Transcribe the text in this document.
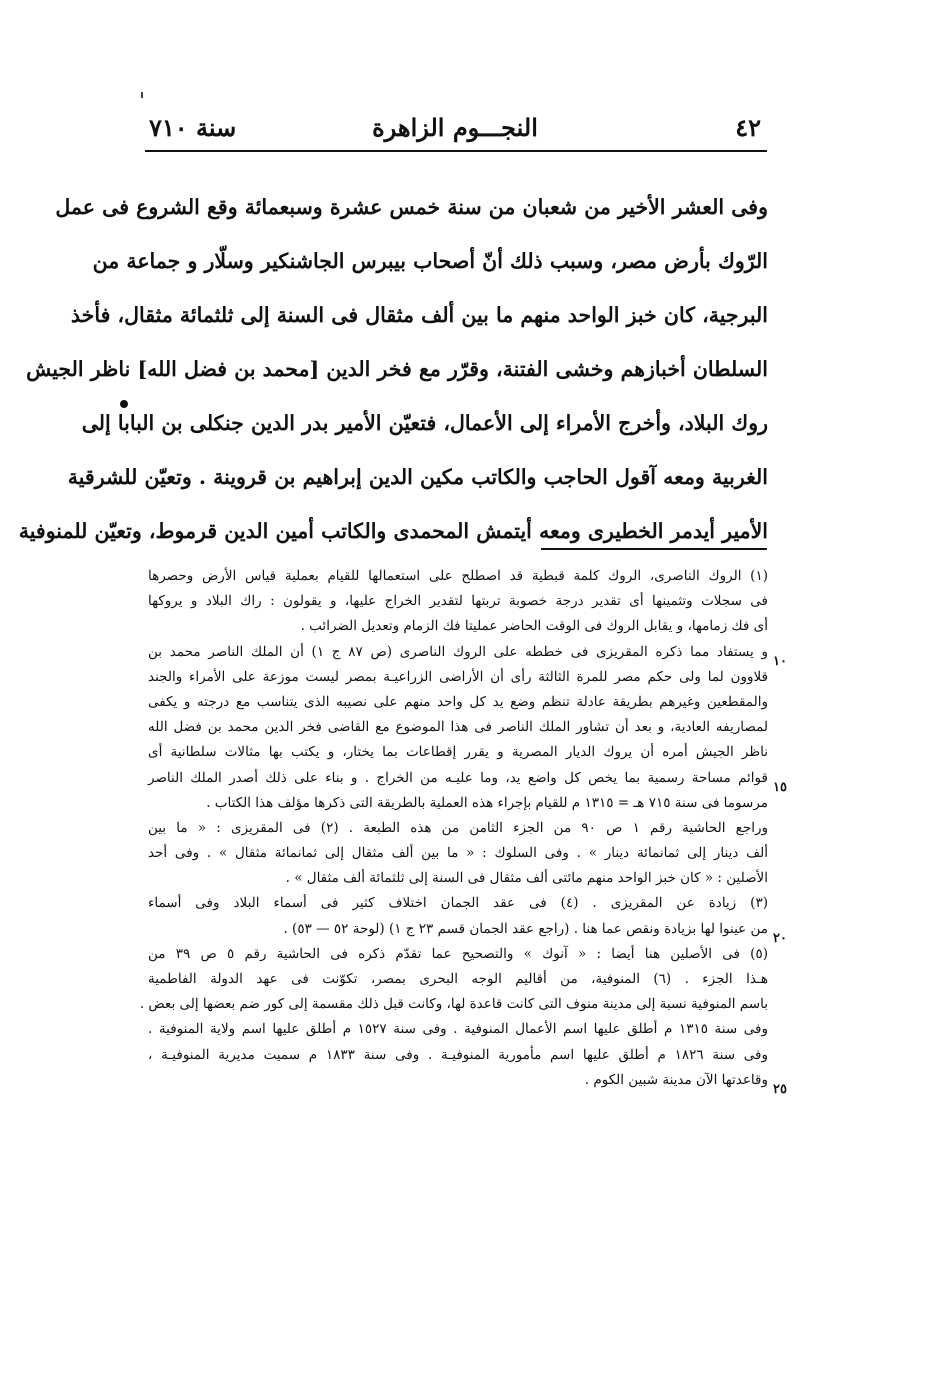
سنة ٧١٠	النجـــوم الزاهرة	٤٢
وفى العشر الأخير من شعبان من سنة خمس عشرة وسبعمائة وقع الشروع فى عمل
الرّوك بأرض مصر، وسبب ذلك أنّ أصحاب بيبرس الجاشنكير وسلّار و جماعة من
البرجية، كان خبز الواحد منهم ما بين ألف مثقال فى السنة إلى ثلثمائة مثقال، فأخذ
السلطان أخبازهم وخشى الفتنة، وقرّر مع فخر الدين [محمد بن فضل الله] ناظر الجيش
روك البلاد، وأخرج الأمراء إلى الأعمال، فتعيّن الأمير بدر الدين جنكلى بن البابا إلى
الغربية ومعه آقول الحاجب والكاتب مكين الدين إبراهيم بن قروينة . وتعيّن للشرقية
الأمير أيدمر الخطيرى ومعه أيتمش المحمدى والكاتب أمين الدين قرموط، وتعيّن للمنوفية
(١) الروك الناصرى، الروك كلمة قبطية قد اصطلح على استعمالها للقيام بعملية قياس الأرض وحصرها
فى سجلات وتثمينها أى تقدير درجة خصوبة تربتها لتقدير الخراج عليها، و يقولون : راك البلاد و يروكها
أى فك زمامها، و يقابل الروك فى الوقت الحاضر عمليتا فك الزمام وتعديل الضرائب .
و يستفاد مما ذكره المقريزى فى خططه على الروك الناصرى (ص ٨٧ ج ١) أن الملك الناصر محمد بن
قلاوون لما ولى حكم مصر للمرة الثالثة رأى أن الأراضى الزراعيـة بمصر ليست موزعة على الأمراء والجند
والمقطعين وغيرهم بطريقة عادلة تنظم وضع يد كل واحد منهم على نصيبه الذى يتناسب مع درجته و يكفى
لمصاريفه العادية، و بعد أن تشاور الملك الناصر فى هذا الموضوع مع القاضى فخر الدين محمد بن فضل الله
ناظر الجيش أمره أن يروك الديار المصرية و يقرر إقطاعات بما يختار، و يكتب بها مثالات سلطانية أى
قوائم مساحة رسمية بما يخص كل واضع يد، وما عليـه من الخراج . و بناء على ذلك أصدر الملك الناصر
مرسوما فى سنة ٧١٥ هـ = ١٣١٥ م للقيام بإجراء هذه العملية بالطريقة التى ذكرها مؤلف هذا الكتاب .
وراجع الحاشية رقم ١ ص ٩٠ من الجزء الثامن من هذه الطبعة . (٢) فى المقريزى : « ما بين
ألف دينار إلى ثمانمائة دينار » . وفى السلوك : « ما بين ألف مثقال إلى ثمانمائة مثقال » . وفى أحد
الأصلين : « كان خبز الواحد منهم مائتى ألف مثقال فى السنة إلى ثلثمائة ألف مثقال » .
(٣) زيادة عن المقريزى . (٤) فى عقد الجمان اختلاف كثير فى أسماء البلاد وفى أسماء
من عينوا لها بزيادة ونقص عما هنا . (راجع عقد الجمان قسم ٢٣ ج ١) (لوحة ٥٢ — ٥٣) .
(٥) فى الأصلين هنا أيضا : « آنوك » والتصحيح عما تقدّم ذكره فى الحاشية رقم ٥ ص ٣٩ من
هـذا الجزء . (٦) المنوفية، من أقاليم الوجه البحرى بمصر، تكوّنت فى عهد الدولة الفاطمية
باسم المنوفية نسبة إلى مدينة منوف التى كانت قاعدة لها، وكانت قبل ذلك مقسمة إلى كور ضم بعضها إلى بعض .
وفى سنة ١٣١٥ م أطلق عليها اسم الأعمال المنوفية . وفى سنة ١٥٢٧ م أطلق عليها اسم ولاية المنوفية .
وفى سنة ١٨٢٦ م أطلق عليها اسم مأمورية المنوفيـة . وفى سنة ١٨٣٣ م سميت مديرية المنوفيـة ،
وقاعدتها الآن مدينة شبين الكوم .
١٠
١٥
٢٠
٢٥
